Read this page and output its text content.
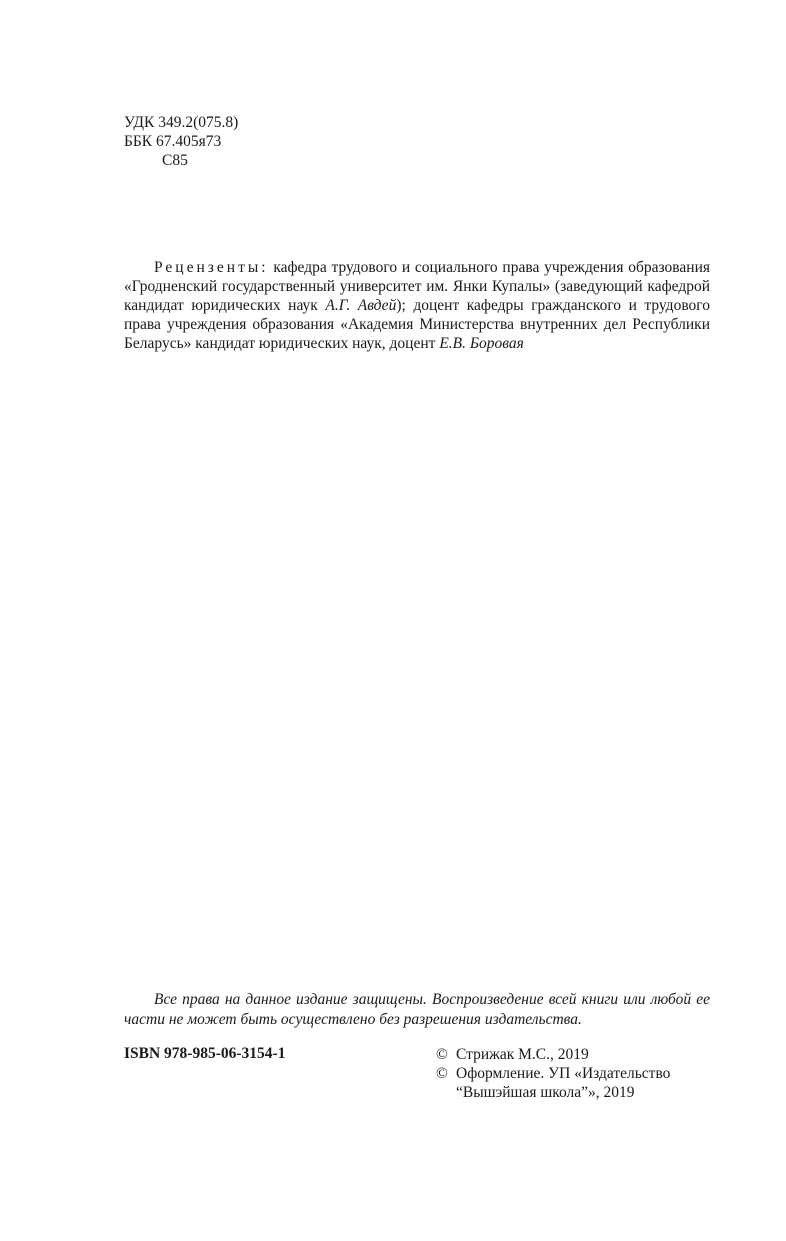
УДК 349.2(075.8)
ББК 67.405я73
С85
Рецензенты: кафедра трудового и социального права учреждения образования «Гродненский государственный университет им. Янки Купалы» (заведующий кафедрой кандидат юридических наук А.Г. Авдей); доцент кафедры гражданского и трудового права учреждения образования «Академия Министерства внутренних дел Республики Беларусь» кандидат юридических наук, доцент Е.В. Боровая
Все права на данное издание защищены. Воспроизведение всей книги или любой ее части не может быть осуществлено без разрешения издательства.
ISBN 978-985-06-3154-1	© Стрижак М.С., 2019
© Оформление. УП «Издательство
“Вышэйшая школа”», 2019
